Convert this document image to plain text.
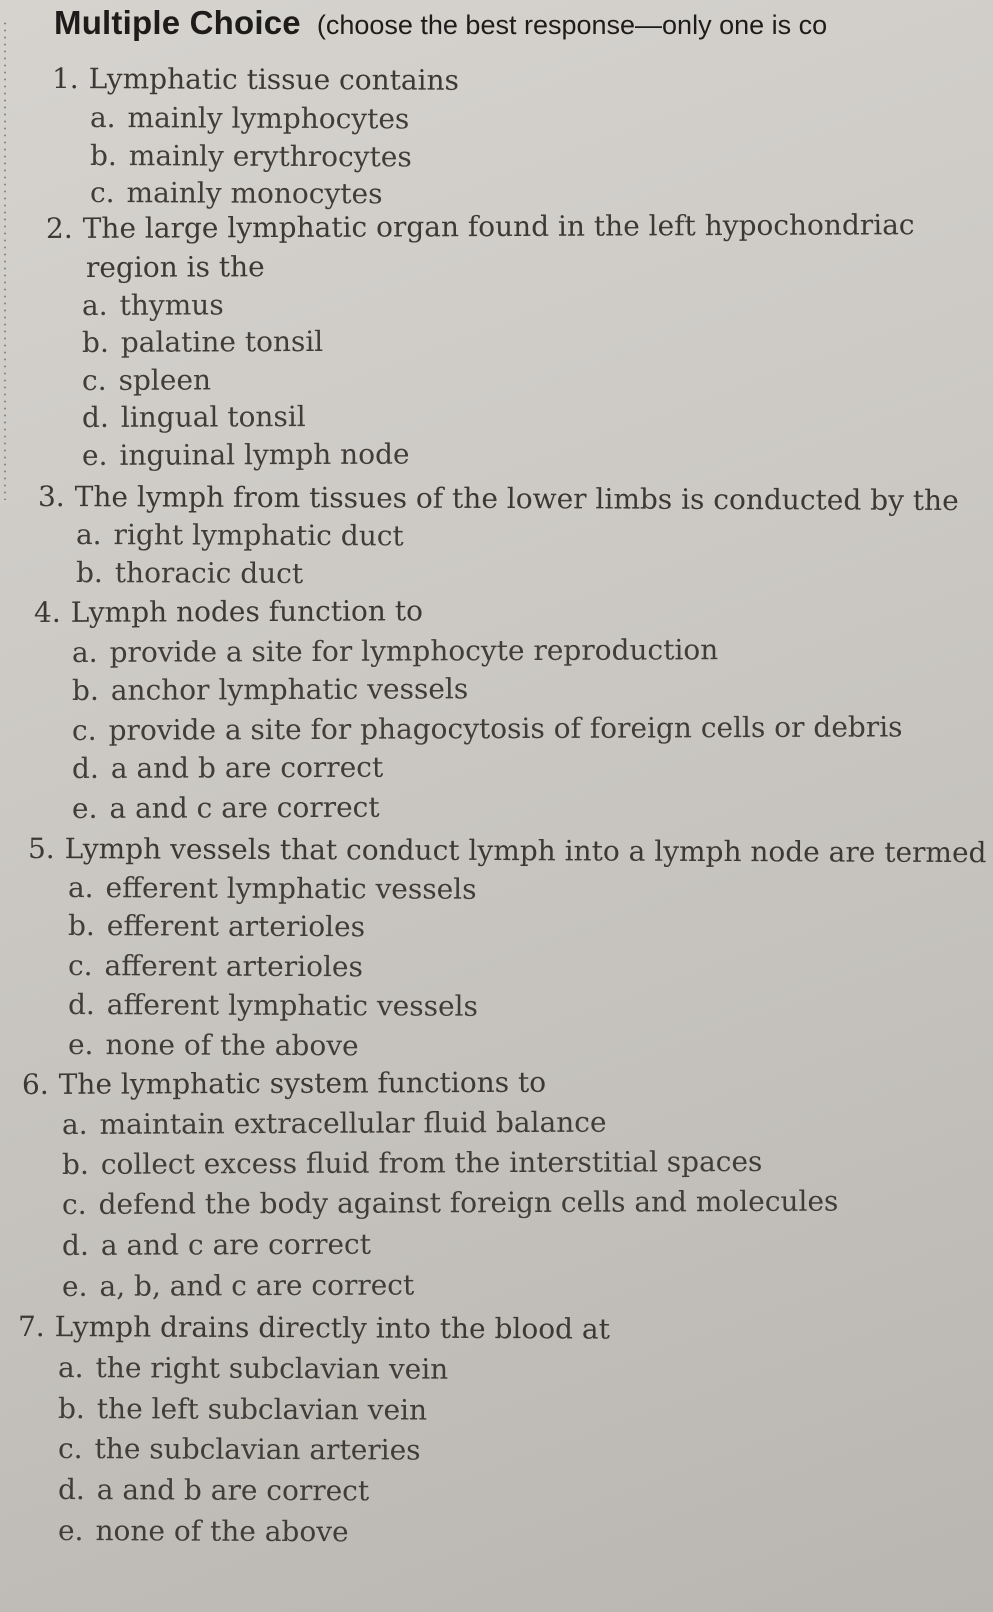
Multiple Choice (choose the best response—only one is co
1. Lymphatic tissue contains
a. mainly lymphocytes
b. mainly erythrocytes
c. mainly monocytes
2. The large lymphatic organ found in the left hypochondriac
region is the
a. thymus
b. palatine tonsil
c. spleen
d. lingual tonsil
e. inguinal lymph node
3. The lymph from tissues of the lower limbs is conducted by the
a. right lymphatic duct
b. thoracic duct
4. Lymph nodes function to
a. provide a site for lymphocyte reproduction
b. anchor lymphatic vessels
c. provide a site for phagocytosis of foreign cells or debris
d. a and b are correct
e. a and c are correct
5. Lymph vessels that conduct lymph into a lymph node are termed
a. efferent lymphatic vessels
b. efferent arterioles
c. afferent arterioles
d. afferent lymphatic vessels
e. none of the above
6. The lymphatic system functions to
a. maintain extracellular fluid balance
b. collect excess fluid from the interstitial spaces
c. defend the body against foreign cells and molecules
d. a and c are correct
e. a, b, and c are correct
7. Lymph drains directly into the blood at
a. the right subclavian vein
b. the left subclavian vein
c. the subclavian arteries
d. a and b are correct
e. none of the above
